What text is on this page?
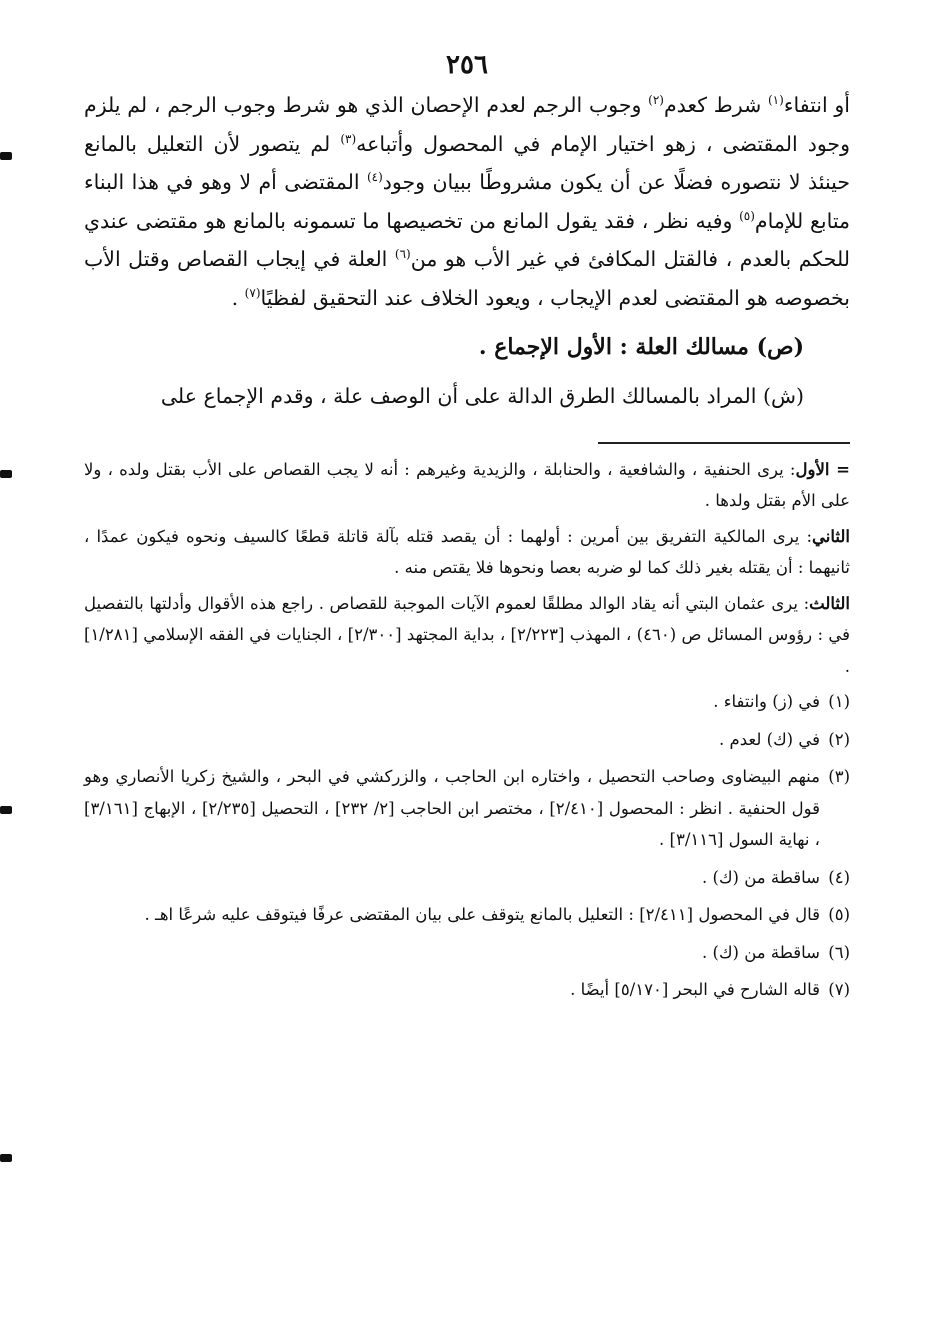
٢٥٦

أو انتفاء$^{(١)}$ شرط كعدم$^{(٢)}$ وجوب الرجم لعدم الإحصان الذي هو شرط وجوب الرجم ، لم يلزم وجود المقتضى ، زهو اختيار الإمام في المحصول وأتباعه$^{(٣)}$ لم يتصور لأن التعليل بالمانع حينئذ لا نتصوره فضلًا عن أن يكون مشروطًا ببيان وجود$^{(٤)}$ المقتضى أم لا وهو في هذا البناء متابع للإمام$^{(٥)}$ وفيه نظر ، فقد يقول المانع من تخصيصها ما تسمونه بالمانع هو مقتضى عندي للحكم بالعدم ، فالقتل المكافئ في غير الأب هو من$^{(٦)}$ العلة في إيجاب القصاص وقتل الأب بخصوصه هو المقتضى لعدم الإيجاب ، ويعود الخلاف عند التحقيق لفظيًا$^{(٧)}$ .

(ص) مسالك العلة : الأول الإجماع .

(ش) المراد بالمسالك الطرق الدالة على أن الوصف علة ، وقدم الإجماع على

= الأول: يرى الحنفية ، والشافعية ، والحنابلة ، والزيدية وغيرهم : أنه لا يجب القصاص على الأب بقتل ولده ، ولا على الأم بقتل ولدها .

الثاني: يرى المالكية التفريق بين أمرين : أولهما : أن يقصد قتله بآلة قاتلة قطعًا كالسيف ونحوه فيكون عمدًا ، ثانيهما : أن يقتله بغير ذلك كما لو ضربه بعصا ونحوها فلا يقتص منه .

الثالث: يرى عثمان البتي أنه يقاد الوالد مطلقًا لعموم الآيات الموجبة للقصاص . راجع هذه الأقوال وأدلتها بالتفصيل في : رؤوس المسائل ص (٤٦٠) ، المهذب [٢/٢٢٣] ، بداية المجتهد [٢/٣٠٠] ، الجنايات في الفقه الإسلامي [١/٢٨١] .

(١)
في (ز) وانتفاء .
(٢)
في (ك) لعدم .
(٣)
منهم البيضاوى وصاحب التحصيل ، واختاره ابن الحاجب ، والزركشي في البحر ، والشيخ زكريا الأنصاري وهو قول الحنفية . انظر : المحصول [٢/٤١٠] ، مختصر ابن الحاجب [٢/ ٢٣٢] ، التحصيل [٢/٢٣٥] ، الإبهاج [٣/١٦١] ، نهاية السول [٣/١١٦] .
(٤)
ساقطة من (ك) .
(٥)
قال في المحصول [٢/٤١١] : التعليل بالمانع يتوقف على بيان المقتضى عرفًا فيتوقف عليه شرعًا اهـ .
(٦)
ساقطة من (ك) .
(٧)
قاله الشارح في البحر [٥/١٧٠] أيضًا .
